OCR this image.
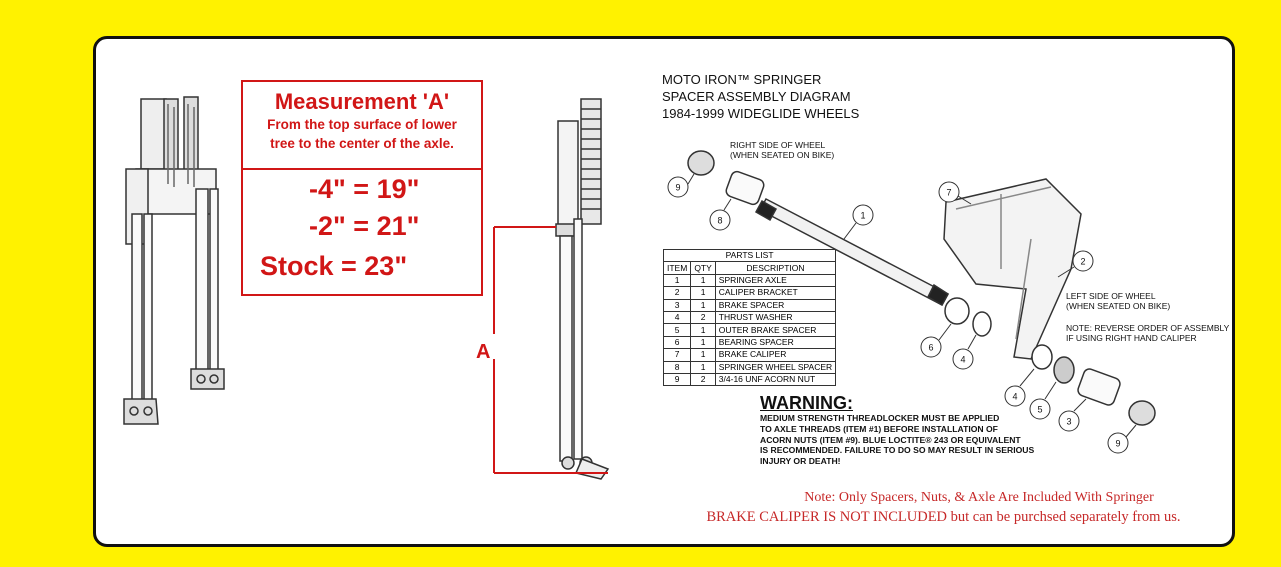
9
8	1
7
2
6
4
4
5
3
9
Measurement 'A'
From the top surface of lower
tree to the center of the axle.
-4" = 19"
-2" = 21"
Stock = 23"
A
MOTO IRON™ SPRINGER
SPACER ASSEMBLY DIAGRAM
1984-1999 WIDEGLIDE WHEELS
RIGHT SIDE OF WHEEL
(WHEN SEATED ON BIKE)
LEFT SIDE OF WHEEL
(WHEN SEATED ON BIKE)
NOTE: REVERSE ORDER OF ASSEMBLY
IF USING RIGHT HAND CALIPER
PARTS LIST		
ITEM	QTY	DESCRIPTION
1	1	SPRINGER AXLE
2	1	CALIPER BRACKET
3	1	BRAKE SPACER
4	2	THRUST WASHER
5	1	OUTER BRAKE SPACER
6	1	BEARING SPACER
7	1	BRAKE CALIPER
8	1	SPRINGER WHEEL SPACER
9	2	3/4-16 UNF ACORN NUT
WARNING:
MEDIUM STRENGTH THREADLOCKER MUST BE APPLIED
TO AXLE THREADS (ITEM #1) BEFORE INSTALLATION OF
ACORN NUTS (ITEM #9). BLUE LOCTITE® 243 OR EQUIVALENT
IS RECOMMENDED. FAILURE TO DO SO MAY RESULT IN SERIOUS
INJURY OR DEATH!
Note: Only Spacers, Nuts, & Axle Are Included With Springer
BRAKE CALIPER IS NOT INCLUDED but can be purchsed separately from us.
